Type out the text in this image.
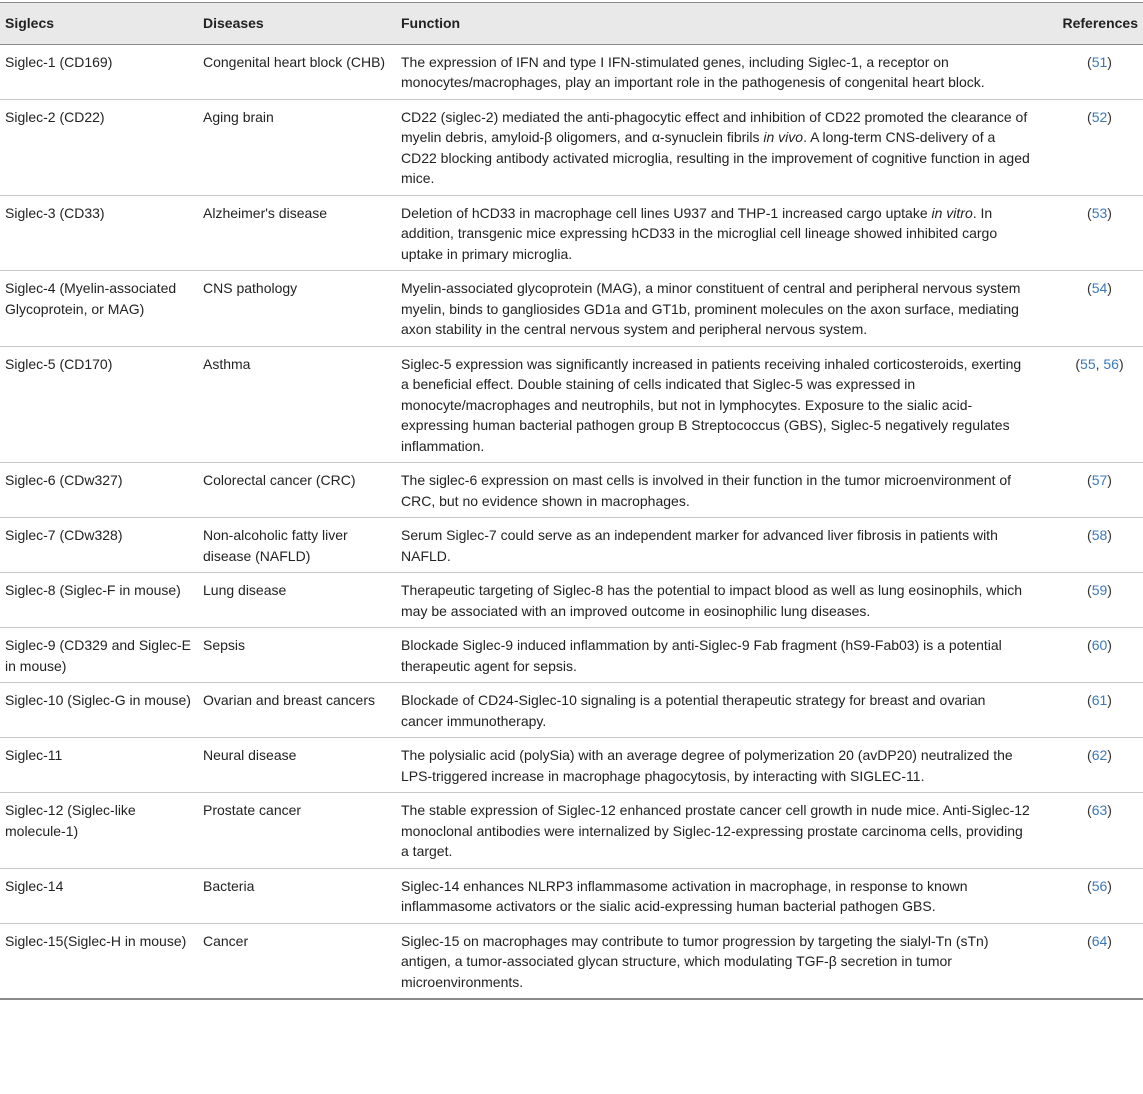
Siglecs	Diseases	Function	References
Siglec-1 (CD169)	Congenital heart block (CHB)	The expression of IFN and type I IFN-stimulated genes, including Siglec-1, a receptor on monocytes/macrophages, play an important role in the pathogenesis of congenital heart block.	(51)
Siglec-2 (CD22)	Aging brain	CD22 (siglec-2) mediated the anti-phagocytic effect and inhibition of CD22 promoted the clearance of myelin debris, amyloid-β oligomers, and α-synuclein fibrils in vivo. A long-term CNS-delivery of a CD22 blocking antibody activated microglia, resulting in the improvement of cognitive function in aged mice.	(52)
Siglec-3 (CD33)	Alzheimer's disease	Deletion of hCD33 in macrophage cell lines U937 and THP-1 increased cargo uptake in vitro. In addition, transgenic mice expressing hCD33 in the microglial cell lineage showed inhibited cargo uptake in primary microglia.	(53)
Siglec-4 (Myelin-associated Glycoprotein, or MAG)	CNS pathology	Myelin-associated glycoprotein (MAG), a minor constituent of central and peripheral nervous system myelin, binds to gangliosides GD1a and GT1b, prominent molecules on the axon surface, mediating axon stability in the central nervous system and peripheral nervous system.	(54)
Siglec-5 (CD170)	Asthma	Siglec-5 expression was significantly increased in patients receiving inhaled corticosteroids, exerting a beneficial effect. Double staining of cells indicated that Siglec-5 was expressed in monocyte/macrophages and neutrophils, but not in lymphocytes. Exposure to the sialic acid-expressing human bacterial pathogen group B Streptococcus (GBS), Siglec-5 negatively regulates inflammation.	(55, 56)
Siglec-6 (CDw327)	Colorectal cancer (CRC)	The siglec-6 expression on mast cells is involved in their function in the tumor microenvironment of CRC, but no evidence shown in macrophages.	(57)
Siglec-7 (CDw328)	Non-alcoholic fatty liver disease (NAFLD)	Serum Siglec-7 could serve as an independent marker for advanced liver fibrosis in patients with NAFLD.	(58)
Siglec-8 (Siglec-F in mouse)	Lung disease	Therapeutic targeting of Siglec-8 has the potential to impact blood as well as lung eosinophils, which may be associated with an improved outcome in eosinophilic lung diseases.	(59)
Siglec-9 (CD329 and Siglec-E in mouse)	Sepsis	Blockade Siglec-9 induced inflammation by anti-Siglec-9 Fab fragment (hS9-Fab03) is a potential therapeutic agent for sepsis.	(60)
Siglec-10 (Siglec-G in mouse)	Ovarian and breast cancers	Blockade of CD24-Siglec-10 signaling is a potential therapeutic strategy for breast and ovarian cancer immunotherapy.	(61)
Siglec-11	Neural disease	The polysialic acid (polySia) with an average degree of polymerization 20 (avDP20) neutralized the LPS-triggered increase in macrophage phagocytosis, by interacting with SIGLEC-11.	(62)
Siglec-12 (Siglec-like molecule-1)	Prostate cancer	The stable expression of Siglec-12 enhanced prostate cancer cell growth in nude mice. Anti-Siglec-12 monoclonal antibodies were internalized by Siglec-12-expressing prostate carcinoma cells, providing a target.	(63)
Siglec-14	Bacteria	Siglec-14 enhances NLRP3 inflammasome activation in macrophage, in response to known inflammasome activators or the sialic acid-expressing human bacterial pathogen GBS.	(56)
Siglec-15(Siglec-H in mouse)	Cancer	Siglec-15 on macrophages may contribute to tumor progression by targeting the sialyl-Tn (sTn) antigen, a tumor-associated glycan structure, which modulating TGF-β secretion in tumor microenvironments.	(64)
